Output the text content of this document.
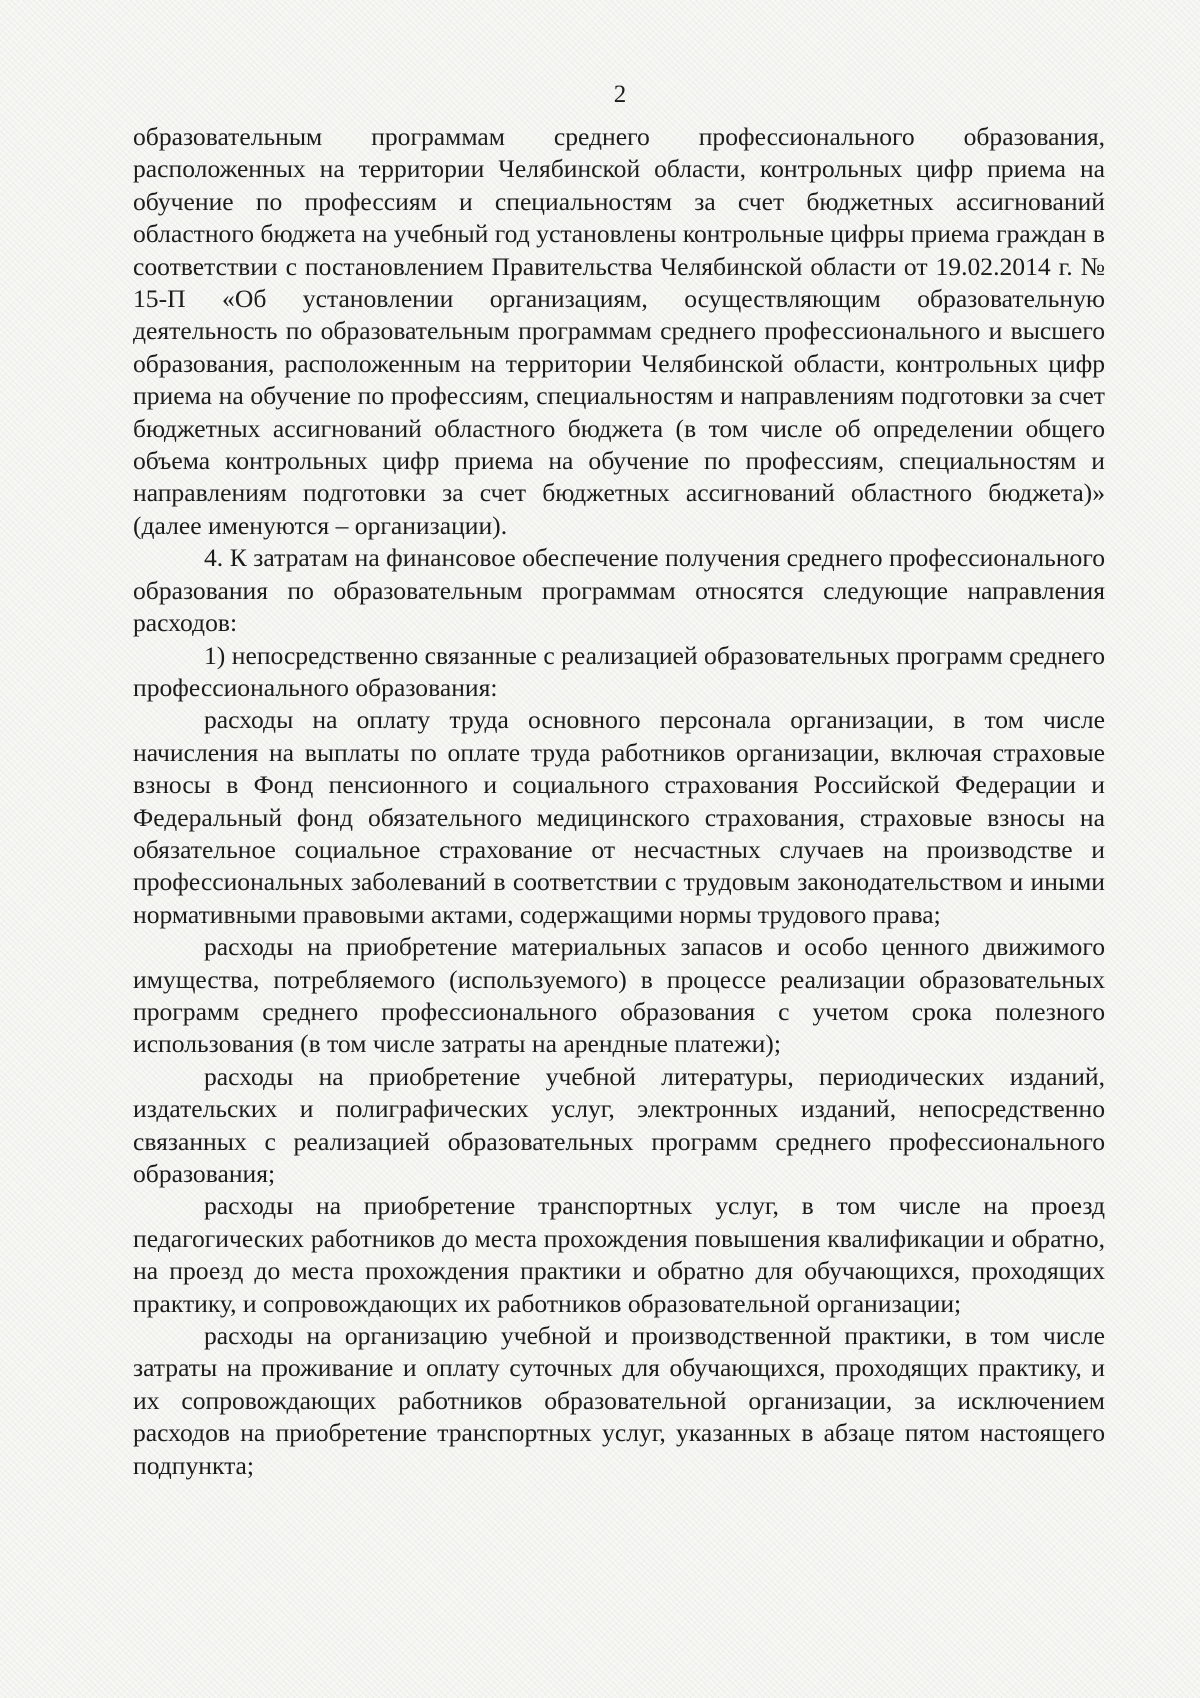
2

образовательным программам среднего профессионального образования, расположенных на территории Челябинской области, контрольных цифр приема на обучение по профессиям и специальностям за счет бюджетных ассигнований областного бюджета на учебный год установлены контрольные цифры приема граждан в соответствии с постановлением Правительства Челябинской области от 19.02.2014 г. № 15-П «Об установлении организациям, осуществляющим образовательную деятельность по образовательным программам среднего профессионального и высшего образования, расположенным на территории Челябинской области, контрольных цифр приема на обучение по профессиям, специальностям и направлениям подготовки за счет бюджетных ассигнований областного бюджета (в том числе об определении общего объема контрольных цифр приема на обучение по профессиям, специальностям и направлениям подготовки за счет бюджетных ассигнований областного бюджета)» (далее именуются – организации).

4. К затратам на финансовое обеспечение получения среднего профессионального образования по образовательным программам относятся следующие направления расходов:

1) непосредственно связанные с реализацией образовательных программ среднего профессионального образования:

расходы на оплату труда основного персонала организации, в том числе начисления на выплаты по оплате труда работников организации, включая страховые взносы в Фонд пенсионного и социального страхования Российской Федерации и Федеральный фонд обязательного медицинского страхования, страховые взносы на обязательное социальное страхование от несчастных случаев на производстве и профессиональных заболеваний в соответствии с трудовым законодательством и иными нормативными правовыми актами, содержащими нормы трудового права;

расходы на приобретение материальных запасов и особо ценного движимого имущества, потребляемого (используемого) в процессе реализации образовательных программ среднего профессионального образования с учетом срока полезного использования (в том числе затраты на арендные платежи);

расходы на приобретение учебной литературы, периодических изданий, издательских и полиграфических услуг, электронных изданий, непосредственно связанных с реализацией образовательных программ среднего профессионального образования;

расходы на приобретение транспортных услуг, в том числе на проезд педагогических работников до места прохождения повышения квалификации и обратно, на проезд до места прохождения практики и обратно для обучающихся, проходящих практику, и сопровождающих их работников образовательной организации;

расходы на организацию учебной и производственной практики, в том числе затраты на проживание и оплату суточных для обучающихся, проходящих практику, и их сопровождающих работников образовательной организации, за исключением расходов на приобретение транспортных услуг, указанных в абзаце пятом настоящего подпункта;
